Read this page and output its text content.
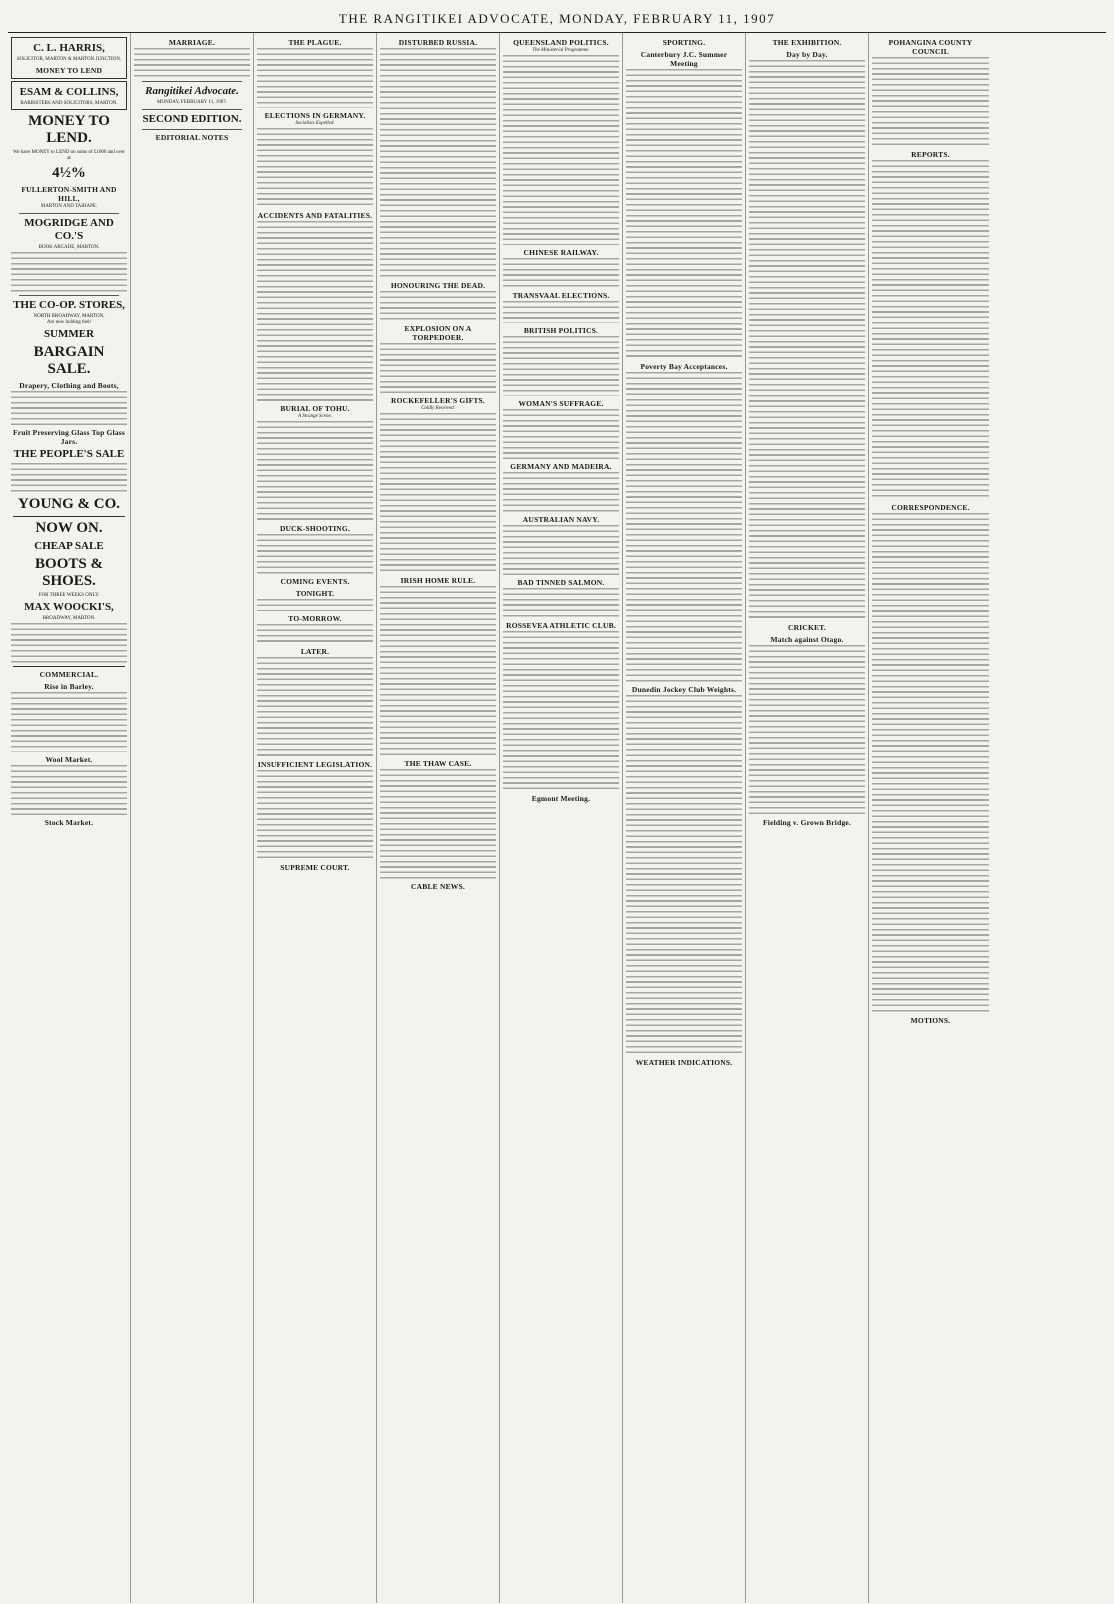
THE RANGITIKEI ADVOCATE, MONDAY, FEBRUARY 11, 1907
C. L. HARRIS,
SOLICITOR, MARTON & MARTON JUNCTION.
MONEY TO LEND
ESAM & COLLINS,
BARRISTERS AND SOLICITORS, MARTON.
MONEY TO LEND.
We have MONEY to LEND on sums of £1000 and over at
4½%
FULLERTON-SMITH AND HILL,
MARTON AND TAIHAPE.
MOGRIDGE AND CO.'S
BOOK ARCADE, MARTON.
THE CO-OP. STORES,
NORTH BROADWAY, MARTON,
Are now holding their
SUMMER
BARGAIN SALE.
Drapery, Clothing and Boots,
Fruit Preserving Glass Top Glass Jars.
THE PEOPLE'S SALE
YOUNG & CO.
NOW ON.
CHEAP SALE
BOOTS & SHOES.
FOR THREE WEEKS ONLY.
MAX WOOCKI'S,
BROADWAY, MARTON.
COMMERCIAL.
Rise in Barley.
Wool Market.
Stock Market.
MARRIAGE.
Rangitikei Advocate.
MONDAY, FEBRUARY 11, 1907.
SECOND EDITION.
EDITORIAL NOTES
THE PLAGUE.
ELECTIONS IN GERMANY.
Socialists Expelled.
ACCIDENTS AND FATALITIES.
BURIAL OF TOHU.
A Strange Scene.
DUCK-SHOOTING.
COMING EVENTS.
TONIGHT.
TO-MORROW.
LATER.
INSUFFICIENT LEGISLATION.
SUPREME COURT.
DISTURBED RUSSIA.
HONOURING THE DEAD.
EXPLOSION ON A TORPEDOER.
ROCKEFELLER'S GIFTS.
Coldly Received.
IRISH HOME RULE.
THE THAW CASE.
CABLE NEWS.
QUEENSLAND POLITICS.
The Ministerial Programme.
CHINESE RAILWAY.
TRANSVAAL ELECTIONS.
BRITISH POLITICS.
WOMAN'S SUFFRAGE.
GERMANY AND MADEIRA.
AUSTRALIAN NAVY.
BAD TINNED SALMON.
ROSSEVEA ATHLETIC CLUB.
Egmont Meeting.
SPORTING.
Canterbury J.C. Summer Meeting
Poverty Bay Acceptances.
Dunedin Jockey Club Weights.
WEATHER INDICATIONS.
THE EXHIBITION.
Day by Day.
CRICKET.
Match against Otago.
Fielding v. Grown Bridge.
POHANGINA COUNTY COUNCIL
REPORTS.
CORRESPONDENCE.
MOTIONS.
